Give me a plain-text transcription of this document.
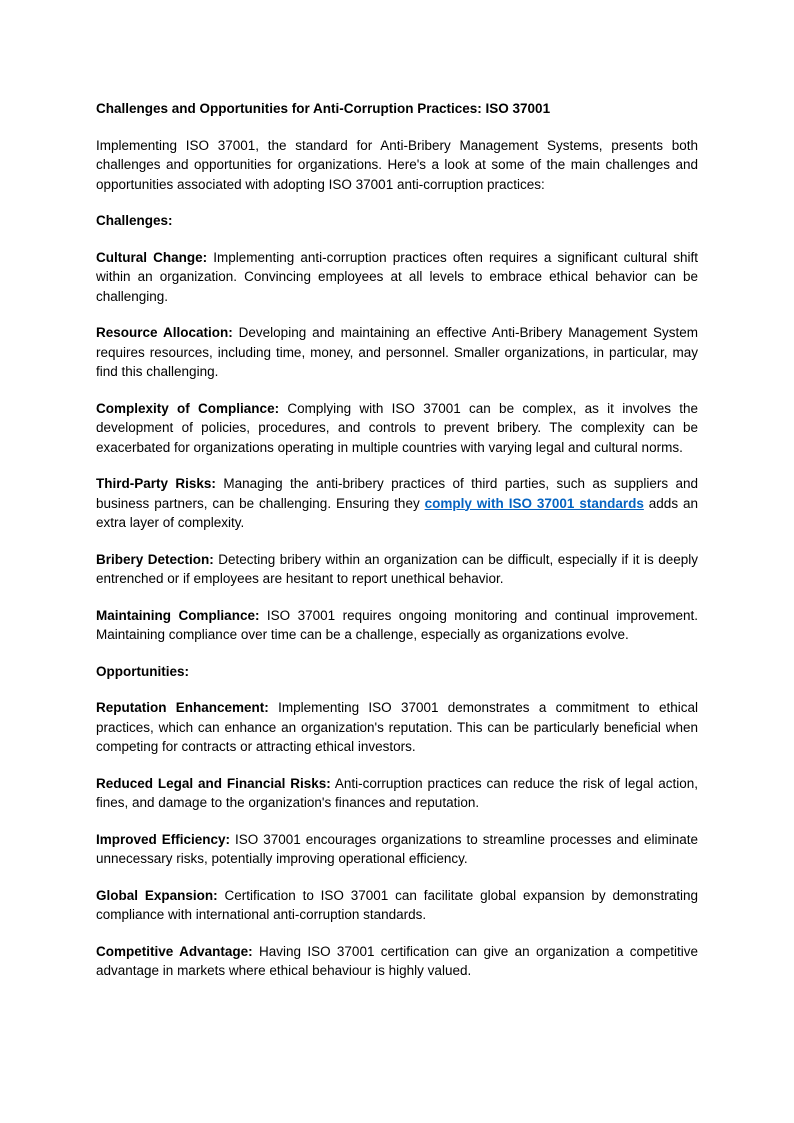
Challenges and Opportunities for Anti-Corruption Practices: ISO 37001

Implementing ISO 37001, the standard for Anti-Bribery Management Systems, presents both challenges and opportunities for organizations. Here's a look at some of the main challenges and opportunities associated with adopting ISO 37001 anti-corruption practices:

Challenges:

Cultural Change: Implementing anti-corruption practices often requires a significant cultural shift within an organization. Convincing employees at all levels to embrace ethical behavior can be challenging.

Resource Allocation: Developing and maintaining an effective Anti-Bribery Management System requires resources, including time, money, and personnel. Smaller organizations, in particular, may find this challenging.

Complexity of Compliance: Complying with ISO 37001 can be complex, as it involves the development of policies, procedures, and controls to prevent bribery. The complexity can be exacerbated for organizations operating in multiple countries with varying legal and cultural norms.

Third-Party Risks: Managing the anti-bribery practices of third parties, such as suppliers and business partners, can be challenging. Ensuring they comply with ISO 37001 standards adds an extra layer of complexity.

Bribery Detection: Detecting bribery within an organization can be difficult, especially if it is deeply entrenched or if employees are hesitant to report unethical behavior.

Maintaining Compliance: ISO 37001 requires ongoing monitoring and continual improvement. Maintaining compliance over time can be a challenge, especially as organizations evolve.

Opportunities:

Reputation Enhancement: Implementing ISO 37001 demonstrates a commitment to ethical practices, which can enhance an organization's reputation. This can be particularly beneficial when competing for contracts or attracting ethical investors.

Reduced Legal and Financial Risks: Anti-corruption practices can reduce the risk of legal action, fines, and damage to the organization's finances and reputation.

Improved Efficiency: ISO 37001 encourages organizations to streamline processes and eliminate unnecessary risks, potentially improving operational efficiency.

Global Expansion: Certification to ISO 37001 can facilitate global expansion by demonstrating compliance with international anti-corruption standards.

Competitive Advantage: Having ISO 37001 certification can give an organization a competitive advantage in markets where ethical behaviour is highly valued.
